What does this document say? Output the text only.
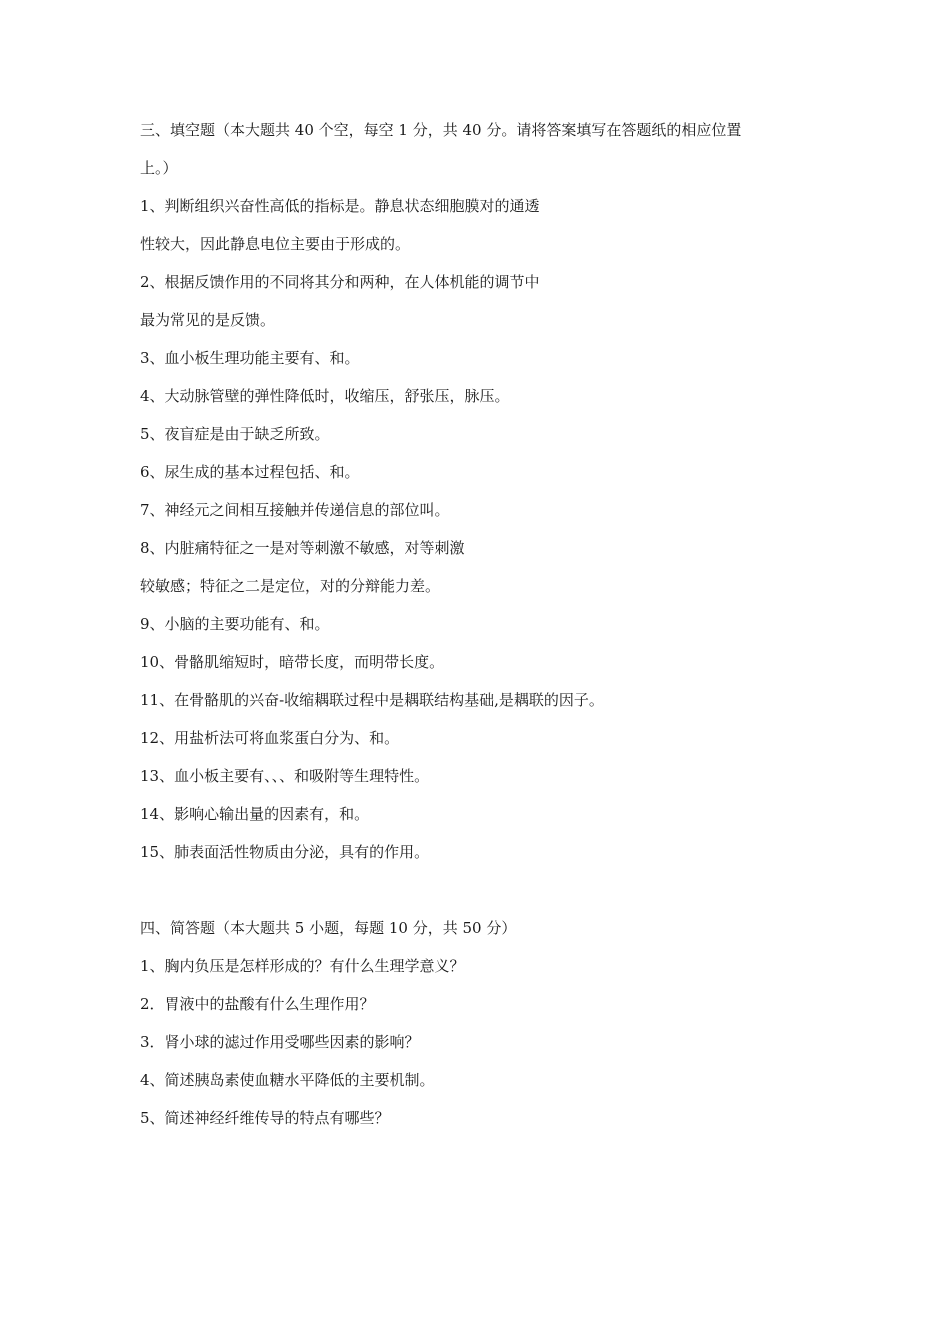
三、填空题（本大题共 40 个空，每空 1 分，共 40 分。请将答案填写在答题纸的相应位置
上。）
1、判断组织兴奋性高低的指标是。静息状态细胞膜对的通透
性较大，因此静息电位主要由于形成的。
2、根据反馈作用的不同将其分和两种，在人体机能的调节中
最为常见的是反馈。
3、血小板生理功能主要有、和。
4、大动脉管壁的弹性降低时，收缩压，舒张压，脉压。
5、夜盲症是由于缺乏所致。
6、尿生成的基本过程包括、和。
7、神经元之间相互接触并传递信息的部位叫。
8、内脏痛特征之一是对等刺激不敏感，对等刺激
较敏感；特征之二是定位，对的分辩能力差。
9、小脑的主要功能有、和。
10、骨骼肌缩短时，暗带长度，而明带长度。
11、在骨骼肌的兴奋-收缩耦联过程中是耦联结构基础,是耦联的因子。
12、用盐析法可将血浆蛋白分为、和。
13、血小板主要有、、、和吸附等生理特性。
14、影响心输出量的因素有，和。
15、肺表面活性物质由分泌，具有的作用。
四、简答题（本大题共 5 小题，每题 10 分，共 50 分）
1、胸内负压是怎样形成的？有什么生理学意义？
2．胃液中的盐酸有什么生理作用？
3．肾小球的滤过作用受哪些因素的影响？
4、简述胰岛素使血糖水平降低的主要机制。
5、简述神经纤维传导的特点有哪些？
